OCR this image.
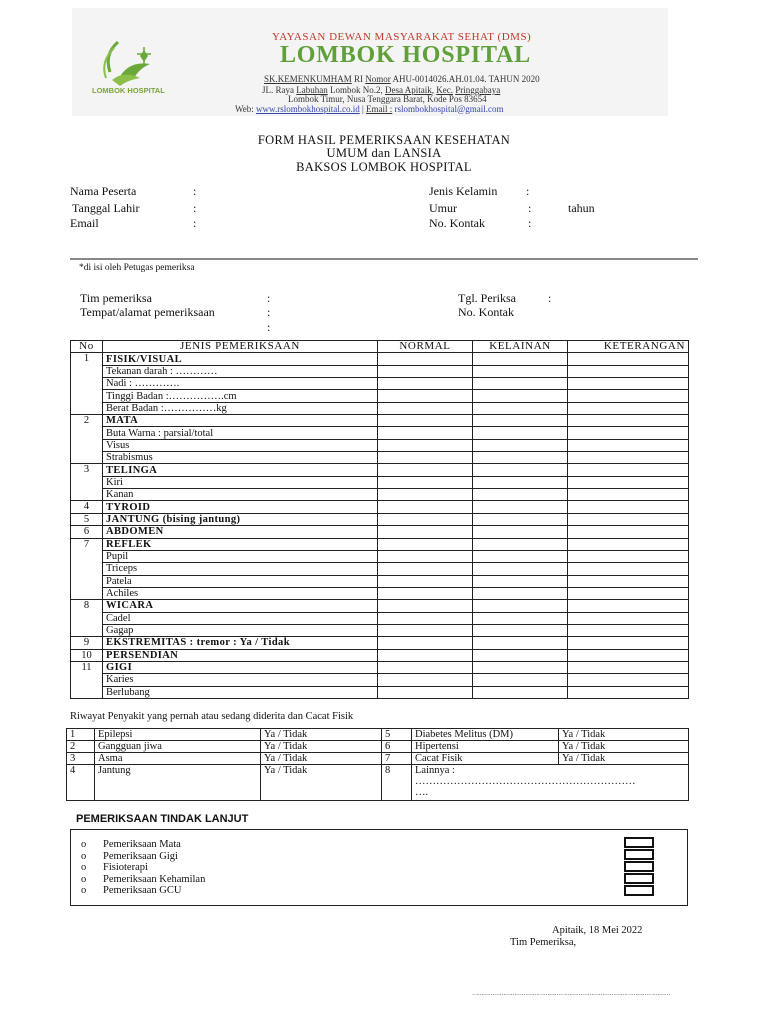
LOMBOK HOSPITAL
YAYASAN DEWAN MASYARAKAT SEHAT (DMS)
LOMBOK HOSPITAL
SK.KEMENKUMHAM RI Nomor AHU-0014026.AH.01.04. TAHUN 2020
JL. Raya Labuhan Lombok No.2, Desa Apitaik, Kec. Pringgabaya
Lombok Timur, Nusa Tenggara Barat, Kode Pos 83654
Web: www.rslombokhospital.co.id | Email : rslombokhospital@gmail.com
FORM HASIL PEMERIKSAAN KESEHATAN
UMUM dan LANSIA
BAKSOS LOMBOK HOSPITAL
Nama Peserta	:
Tanggal Lahir	:
Email	:
Jenis Kelamin :
Umur	:	tahun
No. Kontak	:
*di isi oleh Petugas pemeriksa
Tim pemeriksa	:
Tempat/alamat pemeriksaan	:
:
Tgl. Periksa	:
No. Kontak
No	JENIS PEMERIKSAAN	NORMAL	KELAINAN	KETERANGAN
1	FISIK/VISUAL			
	Tekanan darah : …………			
	Nadi : ………….			
	Tinggi Badan :…………….cm			
	Berat Badan :……………kg			
2	MATA			
	Buta Warna : parsial/total			
	Visus			
	Strabismus			
3	TELINGA			
	Kiri			
	Kanan			
4	TYROID			
5	JANTUNG (bising jantung)			
6	ABDOMEN			
7	REFLEK			
	Pupil			
	Triceps			
	Patela			
	Achiles			
8	WICARA			
	Cadel			
	Gagap			
9	EKSTREMITAS : tremor : Ya / Tidak			
10	PERSENDIAN			
11	GIGI			
	Karies			
	Berlubang			
Riwayat Penyakit yang pernah atau sedang diderita dan Cacat Fisik
1	Epilepsi	Ya / Tidak	5	Diabetes Melitus (DM)	Ya / Tidak
2	Gangguan jiwa	Ya / Tidak	6	Hipertensi	Ya / Tidak
3	Asma	Ya / Tidak	7	Cacat Fisik	Ya / Tidak
4	Jantung	Ya / Tidak	8	Lainnya :
………………………………………………………
….	
PEMERIKSAAN TINDAK LANJUT
o Pemeriksaan Mata
o Pemeriksaan Gigi
o Fisioterapi
o Pemeriksaan Kehamilan
o Pemeriksaan GCU
Apitaik, 18 Mei 2022
Tim Pemeriksa,
………………………………………………………………………………………………
